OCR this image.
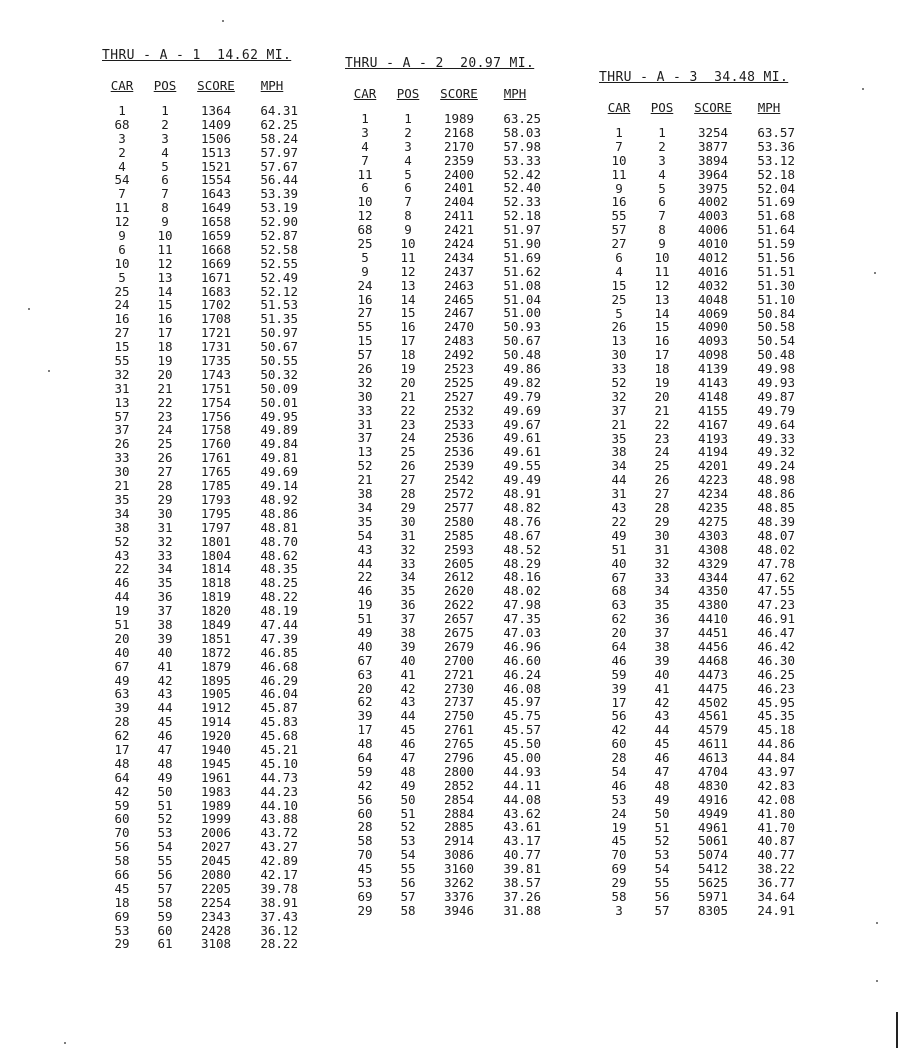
THRU - A - 1  14.62 MI.
CAR	POS	SCORE	MPH
1	1	1364	64.31
68	2	1409	62.25
3	3	1506	58.24
2	4	1513	57.97
4	5	1521	57.67
54	6	1554	56.44
7	7	1643	53.39
11	8	1649	53.19
12	9	1658	52.90
9	10	1659	52.87
6	11	1668	52.58
10	12	1669	52.55
5	13	1671	52.49
25	14	1683	52.12
24	15	1702	51.53
16	16	1708	51.35
27	17	1721	50.97
15	18	1731	50.67
55	19	1735	50.55
32	20	1743	50.32
31	21	1751	50.09
13	22	1754	50.01
57	23	1756	49.95
37	24	1758	49.89
26	25	1760	49.84
33	26	1761	49.81
30	27	1765	49.69
21	28	1785	49.14
35	29	1793	48.92
34	30	1795	48.86
38	31	1797	48.81
52	32	1801	48.70
43	33	1804	48.62
22	34	1814	48.35
46	35	1818	48.25
44	36	1819	48.22
19	37	1820	48.19
51	38	1849	47.44
20	39	1851	47.39
40	40	1872	46.85
67	41	1879	46.68
49	42	1895	46.29
63	43	1905	46.04
39	44	1912	45.87
28	45	1914	45.83
62	46	1920	45.68
17	47	1940	45.21
48	48	1945	45.10
64	49	1961	44.73
42	50	1983	44.23
59	51	1989	44.10
60	52	1999	43.88
70	53	2006	43.72
56	54	2027	43.27
58	55	2045	42.89
66	56	2080	42.17
45	57	2205	39.78
18	58	2254	38.91
69	59	2343	37.43
53	60	2428	36.12
29	61	3108	28.22
THRU - A - 2  20.97 MI.
CAR	POS	SCORE	MPH
1	1	1989	63.25
3	2	2168	58.03
4	3	2170	57.98
7	4	2359	53.33
11	5	2400	52.42
6	6	2401	52.40
10	7	2404	52.33
12	8	2411	52.18
68	9	2421	51.97
25	10	2424	51.90
5	11	2434	51.69
9	12	2437	51.62
24	13	2463	51.08
16	14	2465	51.04
27	15	2467	51.00
55	16	2470	50.93
15	17	2483	50.67
57	18	2492	50.48
26	19	2523	49.86
32	20	2525	49.82
30	21	2527	49.79
33	22	2532	49.69
31	23	2533	49.67
37	24	2536	49.61
13	25	2536	49.61
52	26	2539	49.55
21	27	2542	49.49
38	28	2572	48.91
34	29	2577	48.82
35	30	2580	48.76
54	31	2585	48.67
43	32	2593	48.52
44	33	2605	48.29
22	34	2612	48.16
46	35	2620	48.02
19	36	2622	47.98
51	37	2657	47.35
49	38	2675	47.03
40	39	2679	46.96
67	40	2700	46.60
63	41	2721	46.24
20	42	2730	46.08
62	43	2737	45.97
39	44	2750	45.75
17	45	2761	45.57
48	46	2765	45.50
64	47	2796	45.00
59	48	2800	44.93
42	49	2852	44.11
56	50	2854	44.08
60	51	2884	43.62
28	52	2885	43.61
58	53	2914	43.17
70	54	3086	40.77
45	55	3160	39.81
53	56	3262	38.57
69	57	3376	37.26
29	58	3946	31.88
THRU - A - 3  34.48 MI.
CAR	POS	SCORE	MPH
1	1	3254	63.57
7	2	3877	53.36
10	3	3894	53.12
11	4	3964	52.18
9	5	3975	52.04
16	6	4002	51.69
55	7	4003	51.68
57	8	4006	51.64
27	9	4010	51.59
6	10	4012	51.56
4	11	4016	51.51
15	12	4032	51.30
25	13	4048	51.10
5	14	4069	50.84
26	15	4090	50.58
13	16	4093	50.54
30	17	4098	50.48
33	18	4139	49.98
52	19	4143	49.93
32	20	4148	49.87
37	21	4155	49.79
21	22	4167	49.64
35	23	4193	49.33
38	24	4194	49.32
34	25	4201	49.24
44	26	4223	48.98
31	27	4234	48.86
43	28	4235	48.85
22	29	4275	48.39
49	30	4303	48.07
51	31	4308	48.02
40	32	4329	47.78
67	33	4344	47.62
68	34	4350	47.55
63	35	4380	47.23
62	36	4410	46.91
20	37	4451	46.47
64	38	4456	46.42
46	39	4468	46.30
59	40	4473	46.25
39	41	4475	46.23
17	42	4502	45.95
56	43	4561	45.35
42	44	4579	45.18
60	45	4611	44.86
28	46	4613	44.84
54	47	4704	43.97
46	48	4830	42.83
53	49	4916	42.08
24	50	4949	41.80
19	51	4961	41.70
45	52	5061	40.87
70	53	5074	40.77
69	54	5412	38.22
29	55	5625	36.77
58	56	5971	34.64
3	57	8305	24.91
